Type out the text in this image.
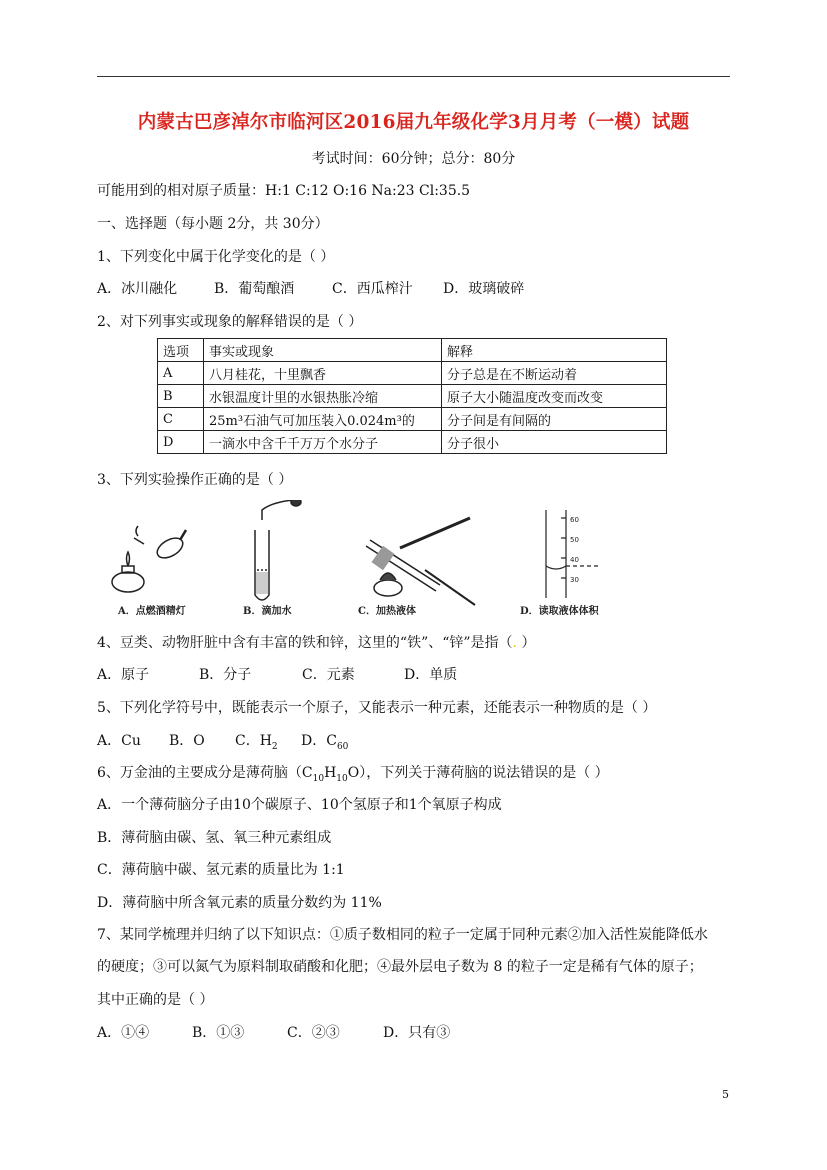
内蒙古巴彦淖尔市临河区2016届九年级化学3月月考（一模）试题
考试时间：60分钟；总分：80分
可能用到的相对原子质量：H:1 C:12 O:16 Na:23 Cl:35.5
一、选择题（每小题 2分，共 30分）
1、下列变化中属于化学变化的是（ ）
A．冰川融化	B．葡萄酿酒	C．西瓜榨汁 D．玻璃破碎
2、对下列事实或现象的解释错误的是（ ）
选项	事实或现象	解释
A	八月桂花，十里飘香	分子总是在不断运动着
B	水银温度计里的水银热胀冷缩	原子大小随温度改变而改变
C	25m³石油气可加压装入0.024m³的	分子间是有间隔的
D	一滴水中含千千万万个水分子	分子很小
3、下列实验操作正确的是（ ）
60
50
40
30
A．点燃酒精灯	B．滴加水	C．加热液体	D．读取液体体积
4、豆类、动物肝脏中含有丰富的铁和锌，这里的“铁”、“锌”是指（. ）
A．原子	B．分子	C．元素	D．单质
5、下列化学符号中，既能表示一个原子，又能表示一种元素，还能表示一种物质的是（ ）
A．Cu B．O C．$H_2$ D．$C_{60}$
6、万金油的主要成分是薄荷脑$(C_{10}H_{10}O)$，下列关于薄荷脑的说法错误的是（ ）
A．一个薄荷脑分子由10个碳原子、10个氢原子和1个氧原子构成
B．薄荷脑由碳、氢、氧三种元素组成
C．薄荷脑中碳、氢元素的质量比为 1:1
D．薄荷脑中所含氧元素的质量分数约为 11%
7、某同学梳理并归纳了以下知识点：①质子数相同的粒子一定属于同种元素②加入活性炭能降低水
的硬度；③可以氮气为原料制取硝酸和化肥；④最外层电子数为 8 的粒子一定是稀有气体的原子；
其中正确的是（ ）
A．①④	B．①③	C．②③	D．只有③
5
